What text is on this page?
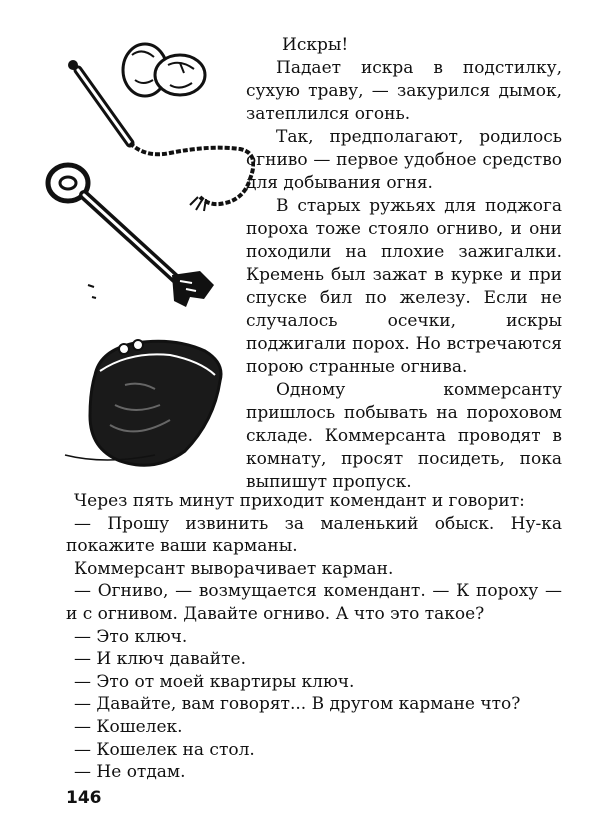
Искры!

Падает искра в подстилку, сухую траву, — закурился дымок, затеплился огонь.

Так, предполагают, родилось огниво — первое удобное средство для добывания огня.

В старых ружьях для поджога пороха тоже стояло огниво, и они походили на плохие зажигалки. Кремень был зажат в курке и при спуске бил по железу. Если не случалось осечки, искры поджигали порох. Но встречаются порою странные огнива.

Одному коммерсанту пришлось побывать на пороховом складе. Коммерсанта проводят в комнату, просят посидеть, пока выпишут пропуск.

Через пять минут приходит комендант и говорит:

— Прошу извинить за маленький обыск. Ну-ка покажите ваши карманы.

Коммерсант выворачивает карман.

— Огниво, — возмущается комендант. — К пороху — и с огнивом. Давайте огниво. А что это такое?

— Это ключ.

— И ключ давайте.

— Это от моей квартиры ключ.

— Давайте, вам говорят... В другом кармане что?

— Кошелек.

— Кошелек на стол.

— Не отдам.

146
